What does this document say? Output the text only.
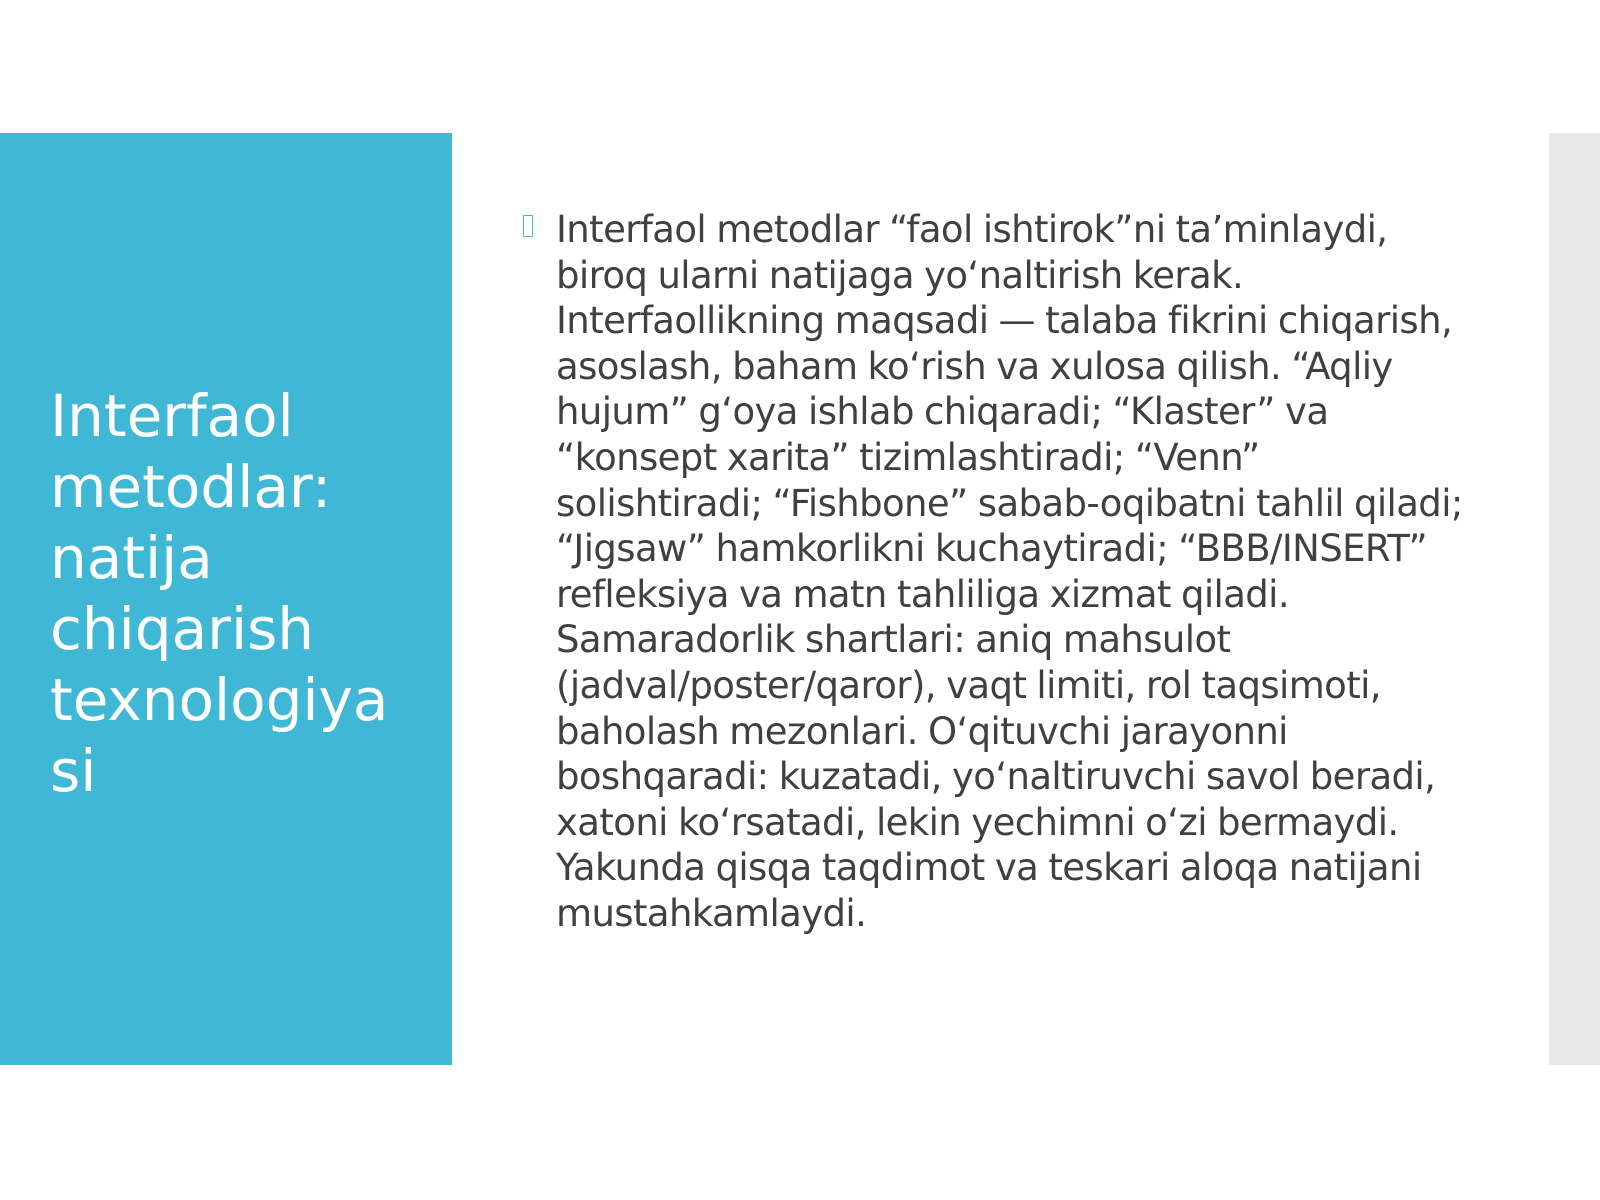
Interfaol
metodlar:
natija
chiqarish
texnologiya
si

Interfaol metodlar “faol ishtirok”ni ta’minlaydi, biroq ularni natijaga yo‘naltirish kerak. Interfaollikning maqsadi — talaba fikrini chiqarish, asoslash, baham ko‘rish va xulosa qilish. “Aqliy hujum” g‘oya ishlab chiqaradi; “Klaster” va “konsept xarita” tizimlashtiradi; “Venn” solishtiradi; “Fishbone” sabab-oqibatni tahlil qiladi; “Jigsaw” hamkorlikni kuchaytiradi; “BBB/INSERT” refleksiya va matn tahliliga xizmat qiladi. Samaradorlik shartlari: aniq mahsulot (jadval/poster/qaror), vaqt limiti, rol taqsimoti, baholash mezonlari. O‘qituvchi jarayonni boshqaradi: kuzatadi, yo‘naltiruvchi savol beradi, xatoni ko‘rsatadi, lekin yechimni o‘zi bermaydi. Yakunda qisqa taqdimot va teskari aloqa natijani mustahkamlaydi.
